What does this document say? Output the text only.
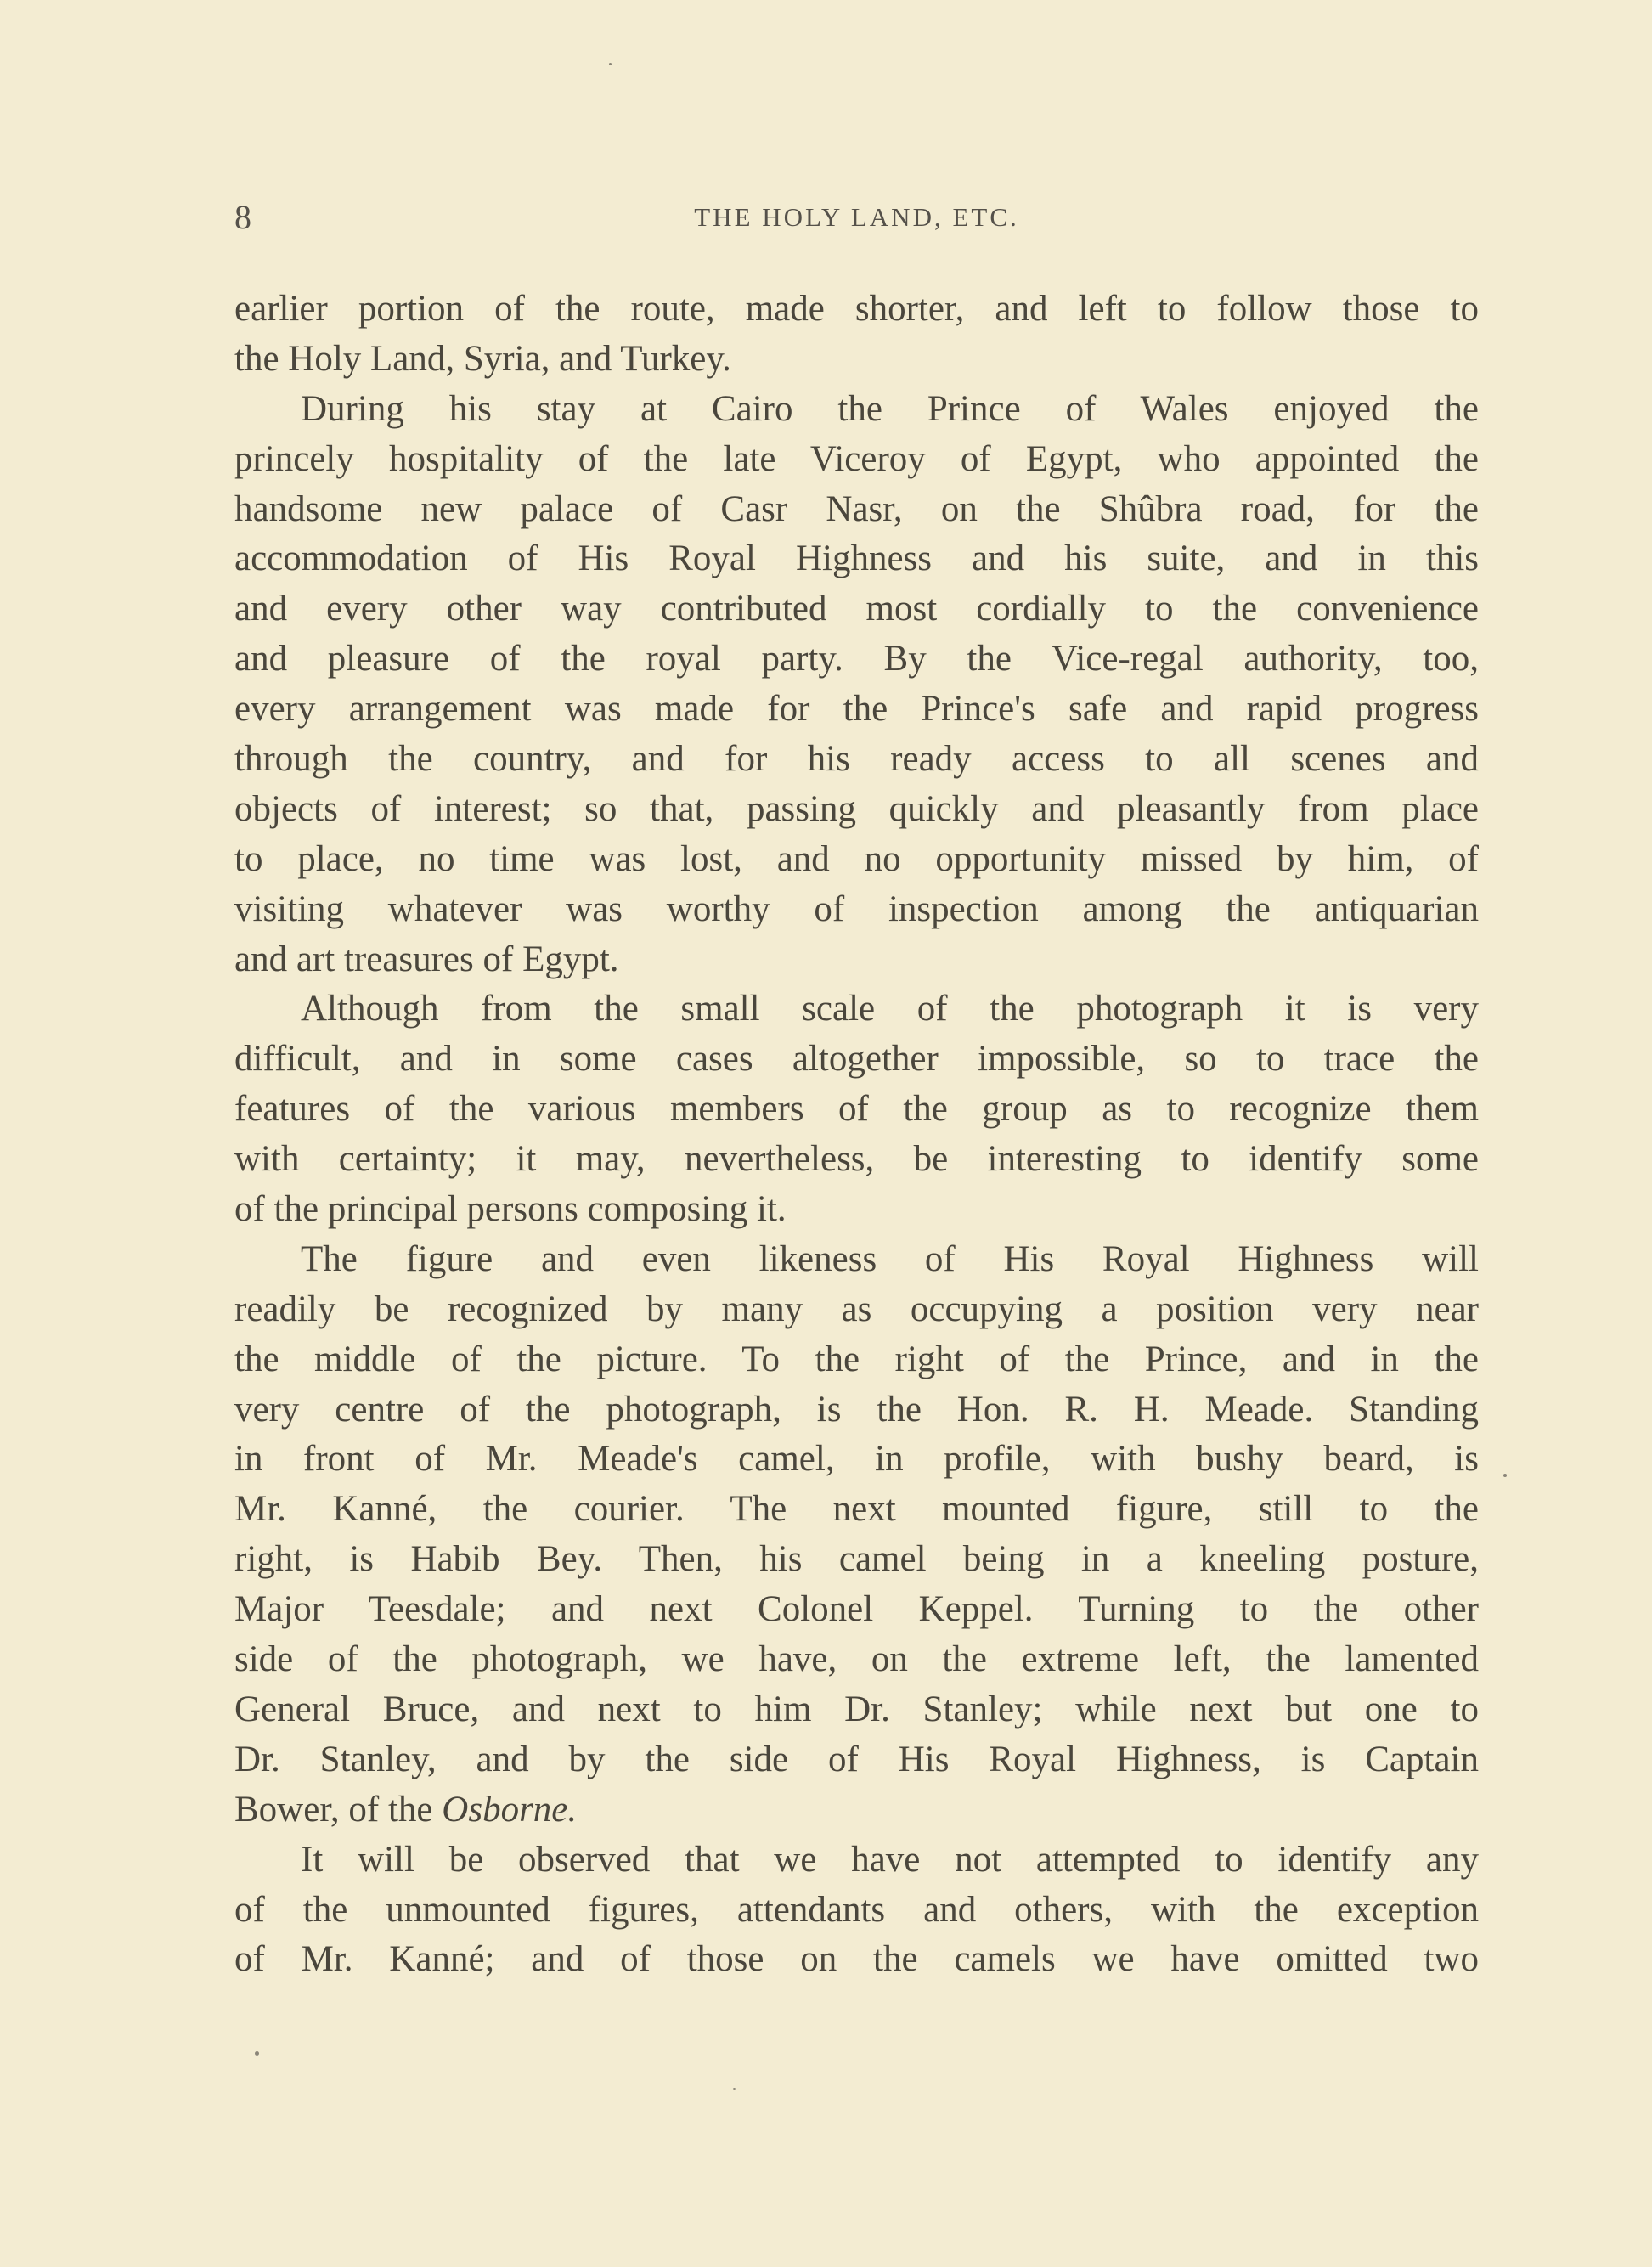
8	THE HOLY LAND, ETC.
earlier portion of the route, made shorter, and left to follow those to
the Holy Land, Syria, and Turkey.
During his stay at Cairo the Prince of Wales enjoyed the
princely hospitality of the late Viceroy of Egypt, who appointed the
handsome new palace of Casr Nasr, on the Shûbra road, for the
accommodation of His Royal Highness and his suite, and in this
and every other way contributed most cordially to the convenience
and pleasure of the royal party. By the Vice-regal authority, too,
every arrangement was made for the Prince's safe and rapid progress
through the country, and for his ready access to all scenes and
objects of interest; so that, passing quickly and pleasantly from place
to place, no time was lost, and no opportunity missed by him, of
visiting whatever was worthy of inspection among the antiquarian
and art treasures of Egypt.
Although from the small scale of the photograph it is very
difficult, and in some cases altogether impossible, so to trace the
features of the various members of the group as to recognize them
with certainty; it may, nevertheless, be interesting to identify some
of the principal persons composing it.
The figure and even likeness of His Royal Highness will
readily be recognized by many as occupying a position very near
the middle of the picture. To the right of the Prince, and in the
very centre of the photograph, is the Hon. R. H. Meade. Standing
in front of Mr. Meade's camel, in profile, with bushy beard, is
Mr. Kanné, the courier. The next mounted figure, still to the
right, is Habib Bey. Then, his camel being in a kneeling posture,
Major Teesdale; and next Colonel Keppel. Turning to the other
side of the photograph, we have, on the extreme left, the lamented
General Bruce, and next to him Dr. Stanley; while next but one to
Dr. Stanley, and by the side of His Royal Highness, is Captain
Bower, of the Osborne.
It will be observed that we have not attempted to identify any
of the unmounted figures, attendants and others, with the exception
of Mr. Kanné; and of those on the camels we have omitted two
